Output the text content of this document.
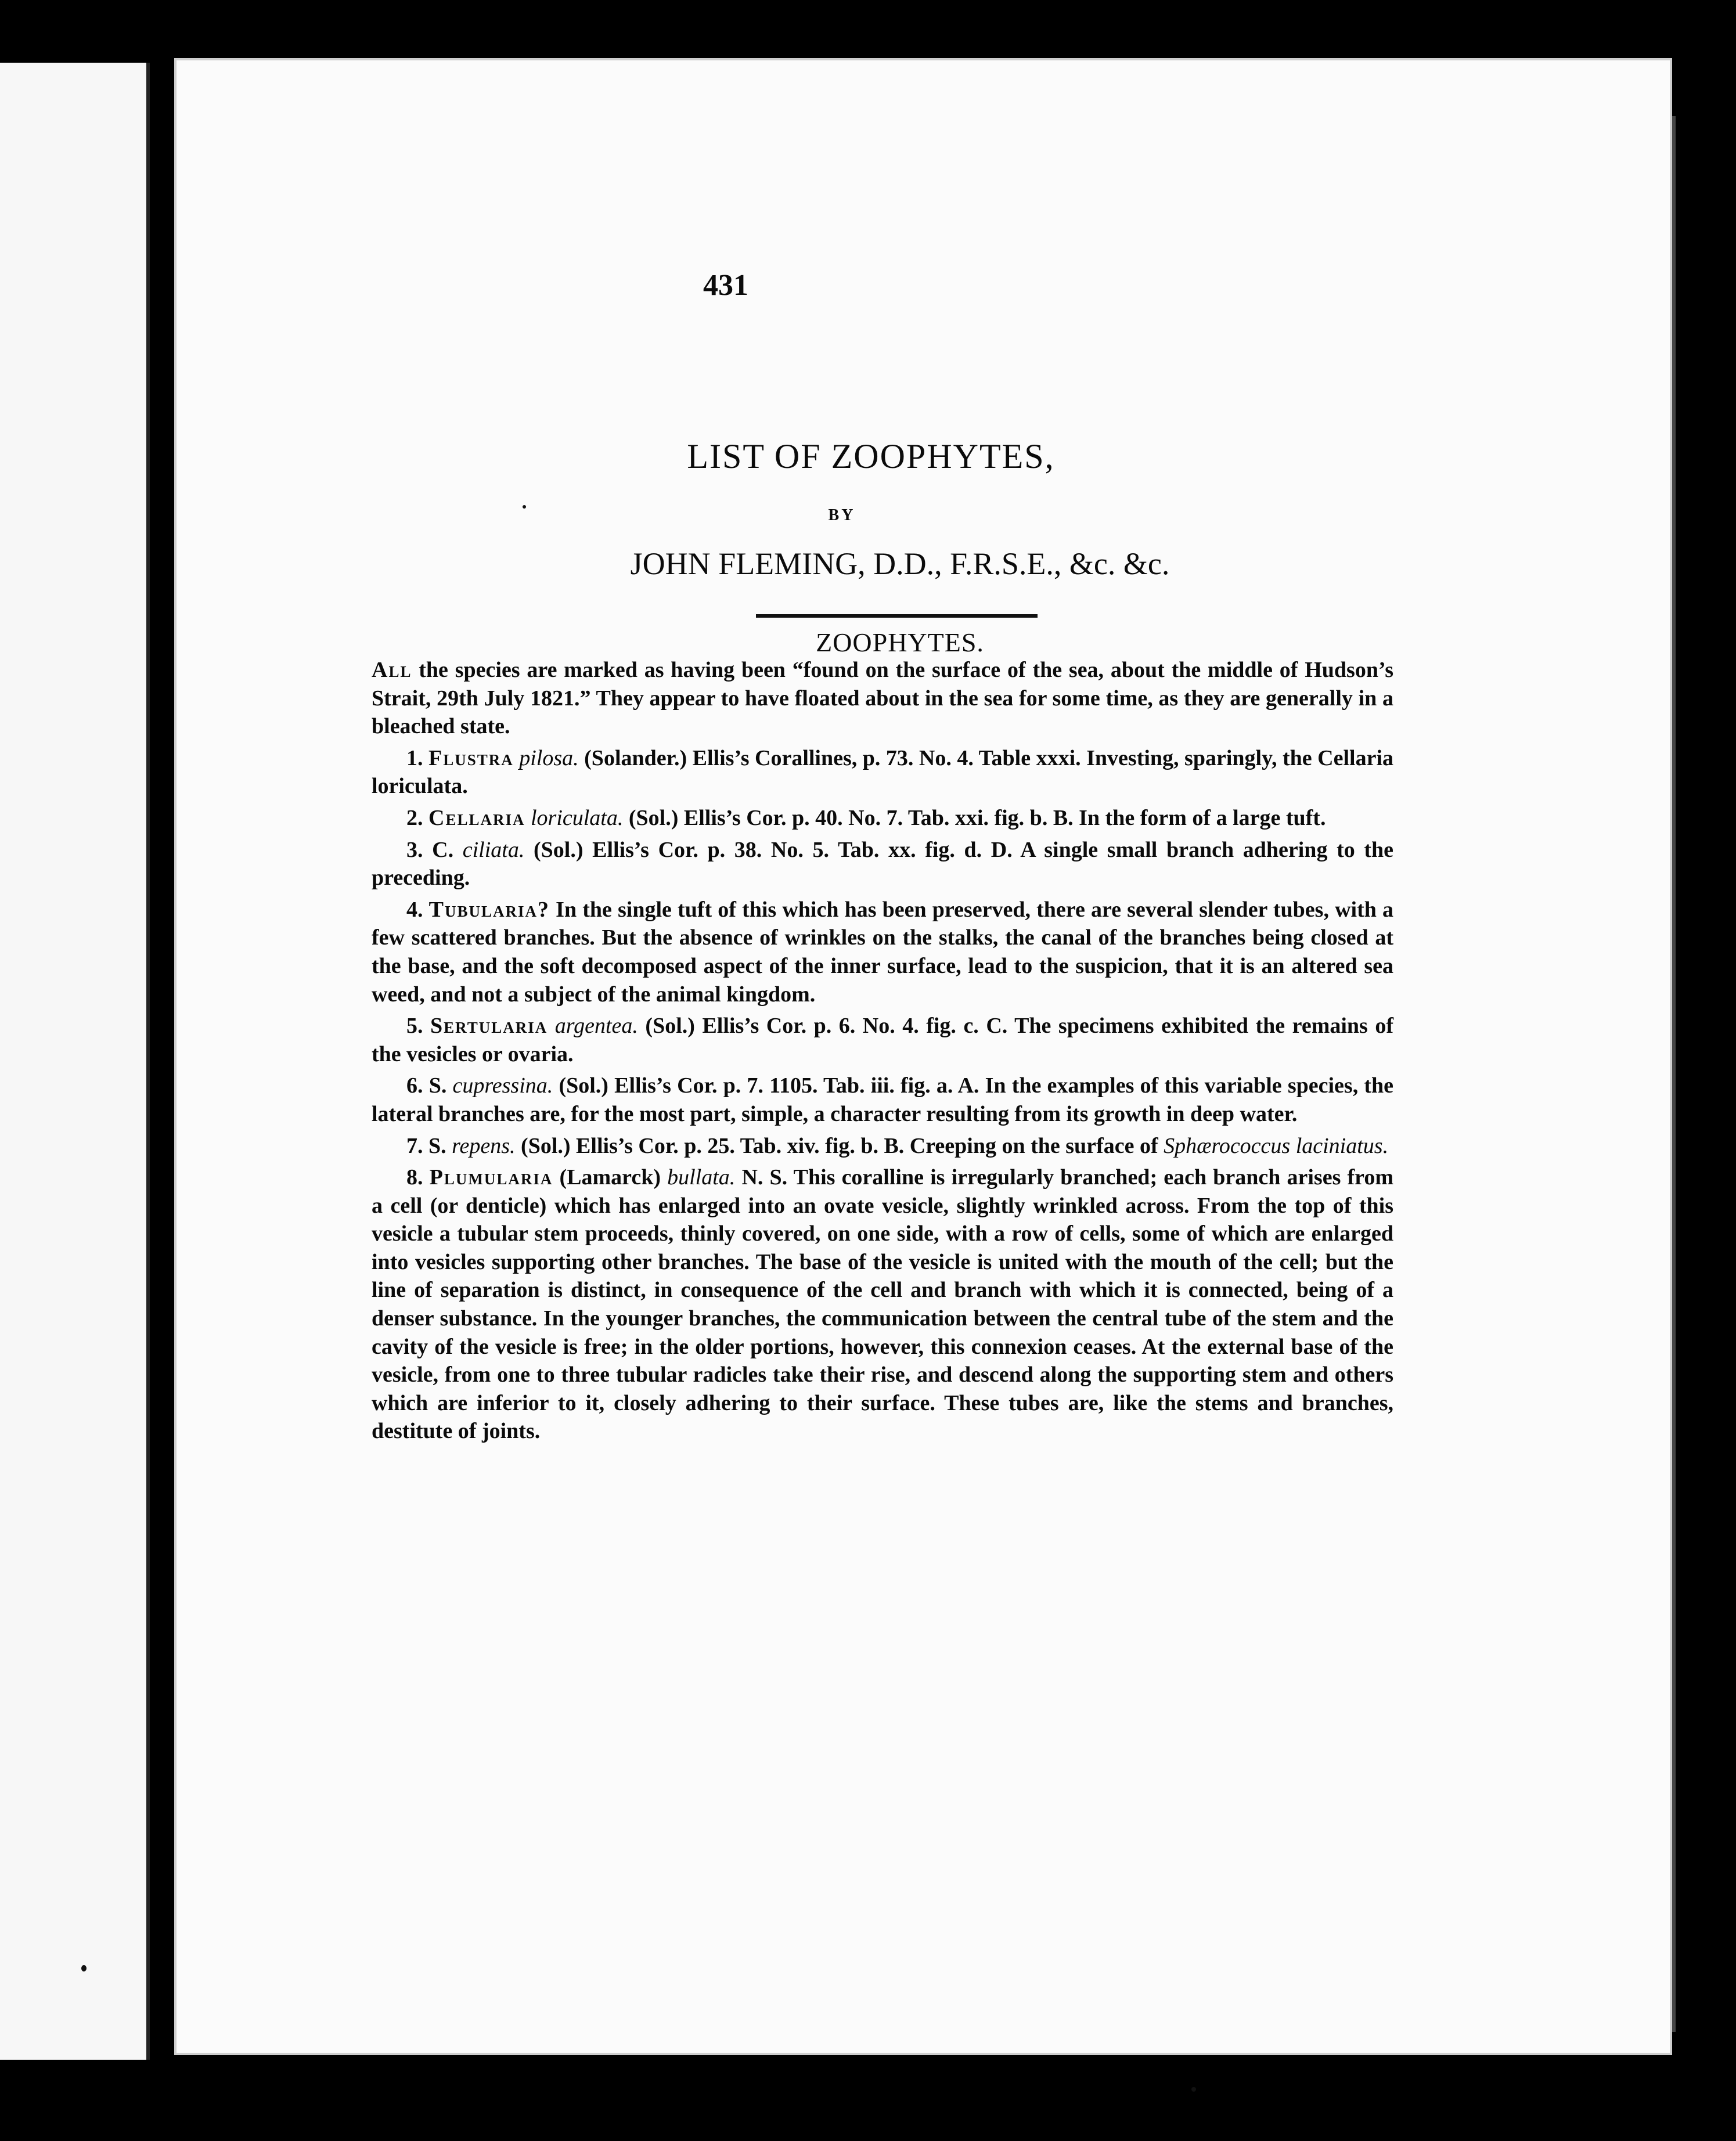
431
LIST OF ZOOPHYTES,
BY
JOHN FLEMING, D.D., F.R.S.E., &c. &c.
ZOOPHYTES.

All the species are marked as having been “found on the surface of the sea, about the middle of Hudson’s Strait, 29th July 1821.” They appear to have floated about in the sea for some time, as they are generally in a bleached state.

1. Flustra pilosa. (Solander.) Ellis’s Corallines, p. 73. No. 4. Table xxxi. Investing, sparingly, the Cellaria loriculata.

2. Cellaria loriculata. (Sol.) Ellis’s Cor. p. 40. No. 7. Tab. xxi. fig. b. B. In the form of a large tuft.

3. C. ciliata. (Sol.) Ellis’s Cor. p. 38. No. 5. Tab. xx. fig. d. D. A single small branch adhering to the preceding.

4. Tubularia? In the single tuft of this which has been preserved, there are several slender tubes, with a few scattered branches. But the absence of wrinkles on the stalks, the canal of the branches being closed at the base, and the soft decomposed aspect of the inner surface, lead to the suspicion, that it is an altered sea weed, and not a subject of the animal kingdom.

5. Sertularia argentea. (Sol.) Ellis’s Cor. p. 6. No. 4. fig. c. C. The specimens exhibited the remains of the vesicles or ovaria.

6. S. cupressina. (Sol.) Ellis’s Cor. p. 7. 1105. Tab. iii. fig. a. A. In the examples of this variable species, the lateral branches are, for the most part, simple, a character resulting from its growth in deep water.

7. S. repens. (Sol.) Ellis’s Cor. p. 25. Tab. xiv. fig. b. B. Creeping on the surface of Sphærococcus laciniatus.

8. Plumularia (Lamarck) bullata. N. S. This coralline is irregularly branched; each branch arises from a cell (or denticle) which has enlarged into an ovate vesicle, slightly wrinkled across. From the top of this vesicle a tubular stem proceeds, thinly covered, on one side, with a row of cells, some of which are enlarged into vesicles supporting other branches. The base of the vesicle is united with the mouth of the cell; but the line of separation is distinct, in consequence of the cell and branch with which it is connected, being of a denser substance. In the younger branches, the communication between the central tube of the stem and the cavity of the vesicle is free; in the older portions, however, this connexion ceases. At the external base of the vesicle, from one to three tubular radicles take their rise, and descend along the supporting stem and others which are inferior to it, closely adhering to their surface. These tubes are, like the stems and branches, destitute of joints.
